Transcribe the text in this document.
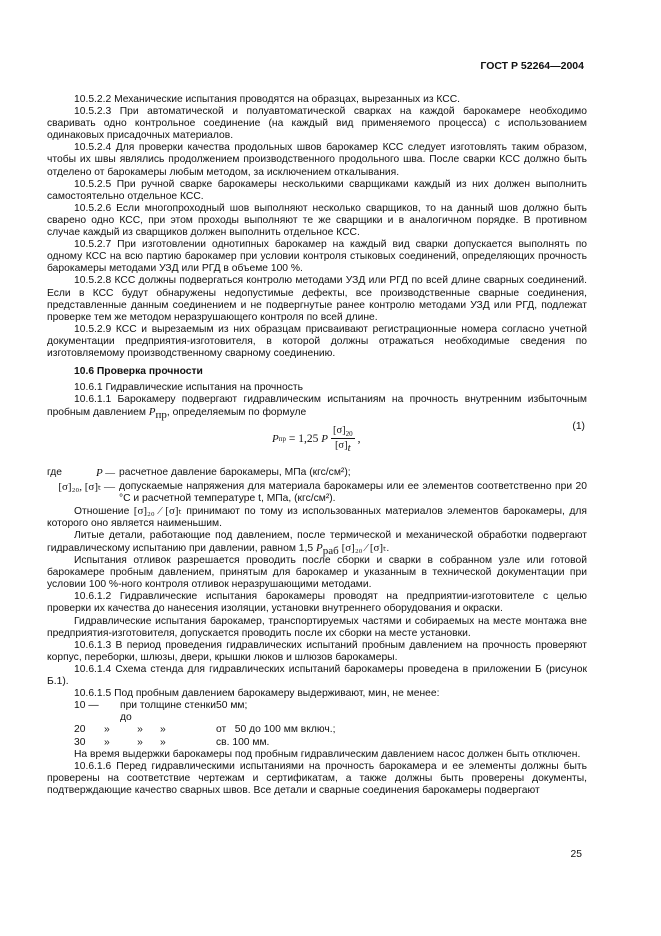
ГОСТ Р 52264—2004

10.5.2.2 Механические испытания проводятся на образцах, вырезанных из КСС.

10.5.2.3 При автоматической и полуавтоматической сварках на каждой барокамере необходимо сваривать одно контрольное соединение (на каждый вид применяемого процесса) с использованием одинаковых присадочных материалов.

10.5.2.4 Для проверки качества продольных швов барокамер КСС следует изготовлять таким образом, чтобы их швы являлись продолжением производственного продольного шва. После сварки КСС должно быть отделено от барокамеры любым методом, за исключением откалывания.

10.5.2.5 При ручной сварке барокамеры несколькими сварщиками каждый из них должен выполнить самостоятельно отдельное КСС.

10.5.2.6 Если многопроходный шов выполняют несколько сварщиков, то на данный шов должно быть сварено одно КСС, при этом проходы выполняют те же сварщики и в аналогичном порядке. В противном случае каждый из сварщиков должен выполнить отдельное КСС.

10.5.2.7 При изготовлении однотипных барокамер на каждый вид сварки допускается выполнять по одному КСС на всю партию барокамер при условии контроля стыковых соединений, определяющих прочность барокамеры методами УЗД или РГД в объеме 100 %.

10.5.2.8 КСС должны подвергаться контролю методами УЗД или РГД по всей длине сварных соединений. Если в КСС будут обнаружены недопустимые дефекты, все производственные сварные соединения, представленные данным соединением и не подвергнутые ранее контролю методами УЗД или РГД, подлежат проверке тем же методом неразрушающего контроля по всей длине.

10.5.2.9 КСС и вырезаемым из них образцам присваивают регистрационные номера согласно учетной документации предприятия-изготовителя, в которой должны отражаться необходимые сведения по изготовляемому производственному сварному соединению.

10.6 Проверка прочности

10.6.1 Гидравлические испытания на прочность

10.6.1.1 Барокамеру подвергают гидравлическим испытаниям на прочность внутренним избыточным пробным давлением $P_{пр}$, определяемым по формуле

P пр = 1,25 P $\frac{[\sigma]_{20}}{[\sigma]_t}$ ,
(1)
где	P — расчетное давление барокамеры, МПа (кгс/см²);
[σ]₂₀, [σ]ₜ — допускаемые напряжения для материала барокамеры или ее элементов соответственно при 20 °С и расчетной температуре t, МПа, (кгс/см²).

Отношение [σ]₂₀ ⁄ [σ]ₜ принимают по тому из использованных материалов элементов барокамеры, для которого оно является наименьшим.

Литые детали, работающие под давлением, после термической и механической обработки подвергают гидравлическому испытанию при давлении, равном 1,5 $P_{раб}$ [σ]₂₀ ⁄ [σ]ₜ.

Испытания отливок разрешается проводить после сборки и сварки в собранном узле или готовой барокамере пробным давлением, принятым для барокамер и указанным в технической документации при условии 100 %-ного контроля отливок неразрушающими методами.

10.6.1.2 Гидравлические испытания барокамеры проводят на предприятии-изготовителе с целью проверки их качества до нанесения изоляции, установки внутреннего оборудования и окраски.

Гидравлические испытания барокамер, транспортируемых частями и собираемых на месте монтажа вне предприятия-изготовителя, допускается проводить после их сборки на месте установки.

10.6.1.3 В период проведения гидравлических испытаний пробным давлением на прочность проверяют корпус, переборки, шлюзы, двери, крышки люков и шлюзов барокамеры.

10.6.1.4 Схема стенда для гидравлических испытаний барокамеры проведена в приложении Б (рисунок Б.1).

10.6.1.5 Под пробным давлением барокамеру выдерживают, мин, не менее:

10 —	при толщине стенки до
50 мм;
20	»	»	»	от   50 до 100 мм включ.;
30	»	»	»	св. 100 мм.

На время выдержки барокамеры под пробным гидравлическим давлением насос должен быть отключен.

10.6.1.6 Перед гидравлическими испытаниями на прочность барокамера и ее элементы должны быть проверены на соответствие чертежам и сертификатам, а также должны быть проверены документы, подтверждающие качество сварных швов. Все детали и сварные соединения барокамеры подвергают

25
